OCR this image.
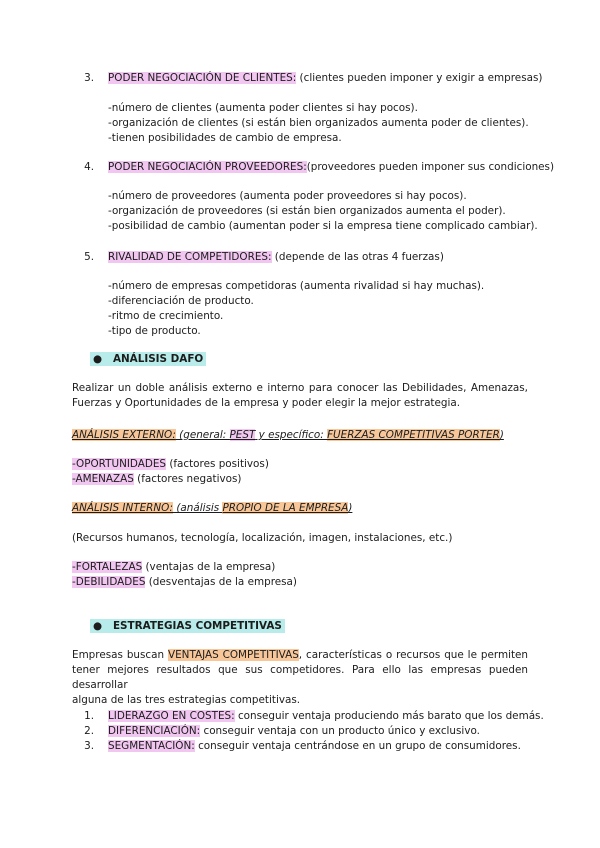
3. PODER NEGOCIACIÓN DE CLIENTES: (clientes pueden imponer y exigir a empresas)
-número de clientes (aumenta poder clientes si hay pocos).
-organización de clientes (si están bien organizados aumenta poder de clientes).
-tienen posibilidades de cambio de empresa.
4. PODER NEGOCIACIÓN PROVEEDORES:(proveedores pueden imponer sus condiciones)
-número de proveedores (aumenta poder proveedores si hay pocos).
-organización de proveedores (si están bien organizados aumenta el poder).
-posibilidad de cambio (aumentan poder si la empresa tiene complicado cambiar).
5. RIVALIDAD DE COMPETIDORES: (depende de las otras 4 fuerzas)
-número de empresas competidoras (aumenta rivalidad si hay muchas).
-diferenciación de producto.
-ritmo de crecimiento.
-tipo de producto.
● ANÁLISIS DAFO
Realizar un doble análisis externo e interno para conocer las Debilidades, Amenazas,
Fuerzas y Oportunidades de la empresa y poder elegir la mejor estrategia.
ANÁLISIS EXTERNO: (general: PEST y específico: FUERZAS COMPETITIVAS PORTER)
-OPORTUNIDADES (factores positivos)
-AMENAZAS (factores negativos)
ANÁLISIS INTERNO: (análisis PROPIO DE LA EMPRESA)
(Recursos humanos, tecnología, localización, imagen, instalaciones, etc.)
-FORTALEZAS (ventajas de la empresa)
-DEBILIDADES (desventajas de la empresa)
● ESTRATEGIAS COMPETITIVAS
Empresas buscan VENTAJAS COMPETITIVAS, características o recursos que le permiten
tener mejores resultados que sus competidores. Para ello las empresas pueden desarrollar
alguna de las tres estrategias competitivas.
1. LIDERAZGO EN COSTES: conseguir ventaja produciendo más barato que los demás.
2. DIFERENCIACIÓN: conseguir ventaja con un producto único y exclusivo.
3. SEGMENTACIÓN: conseguir ventaja centrándose en un grupo de consumidores.
